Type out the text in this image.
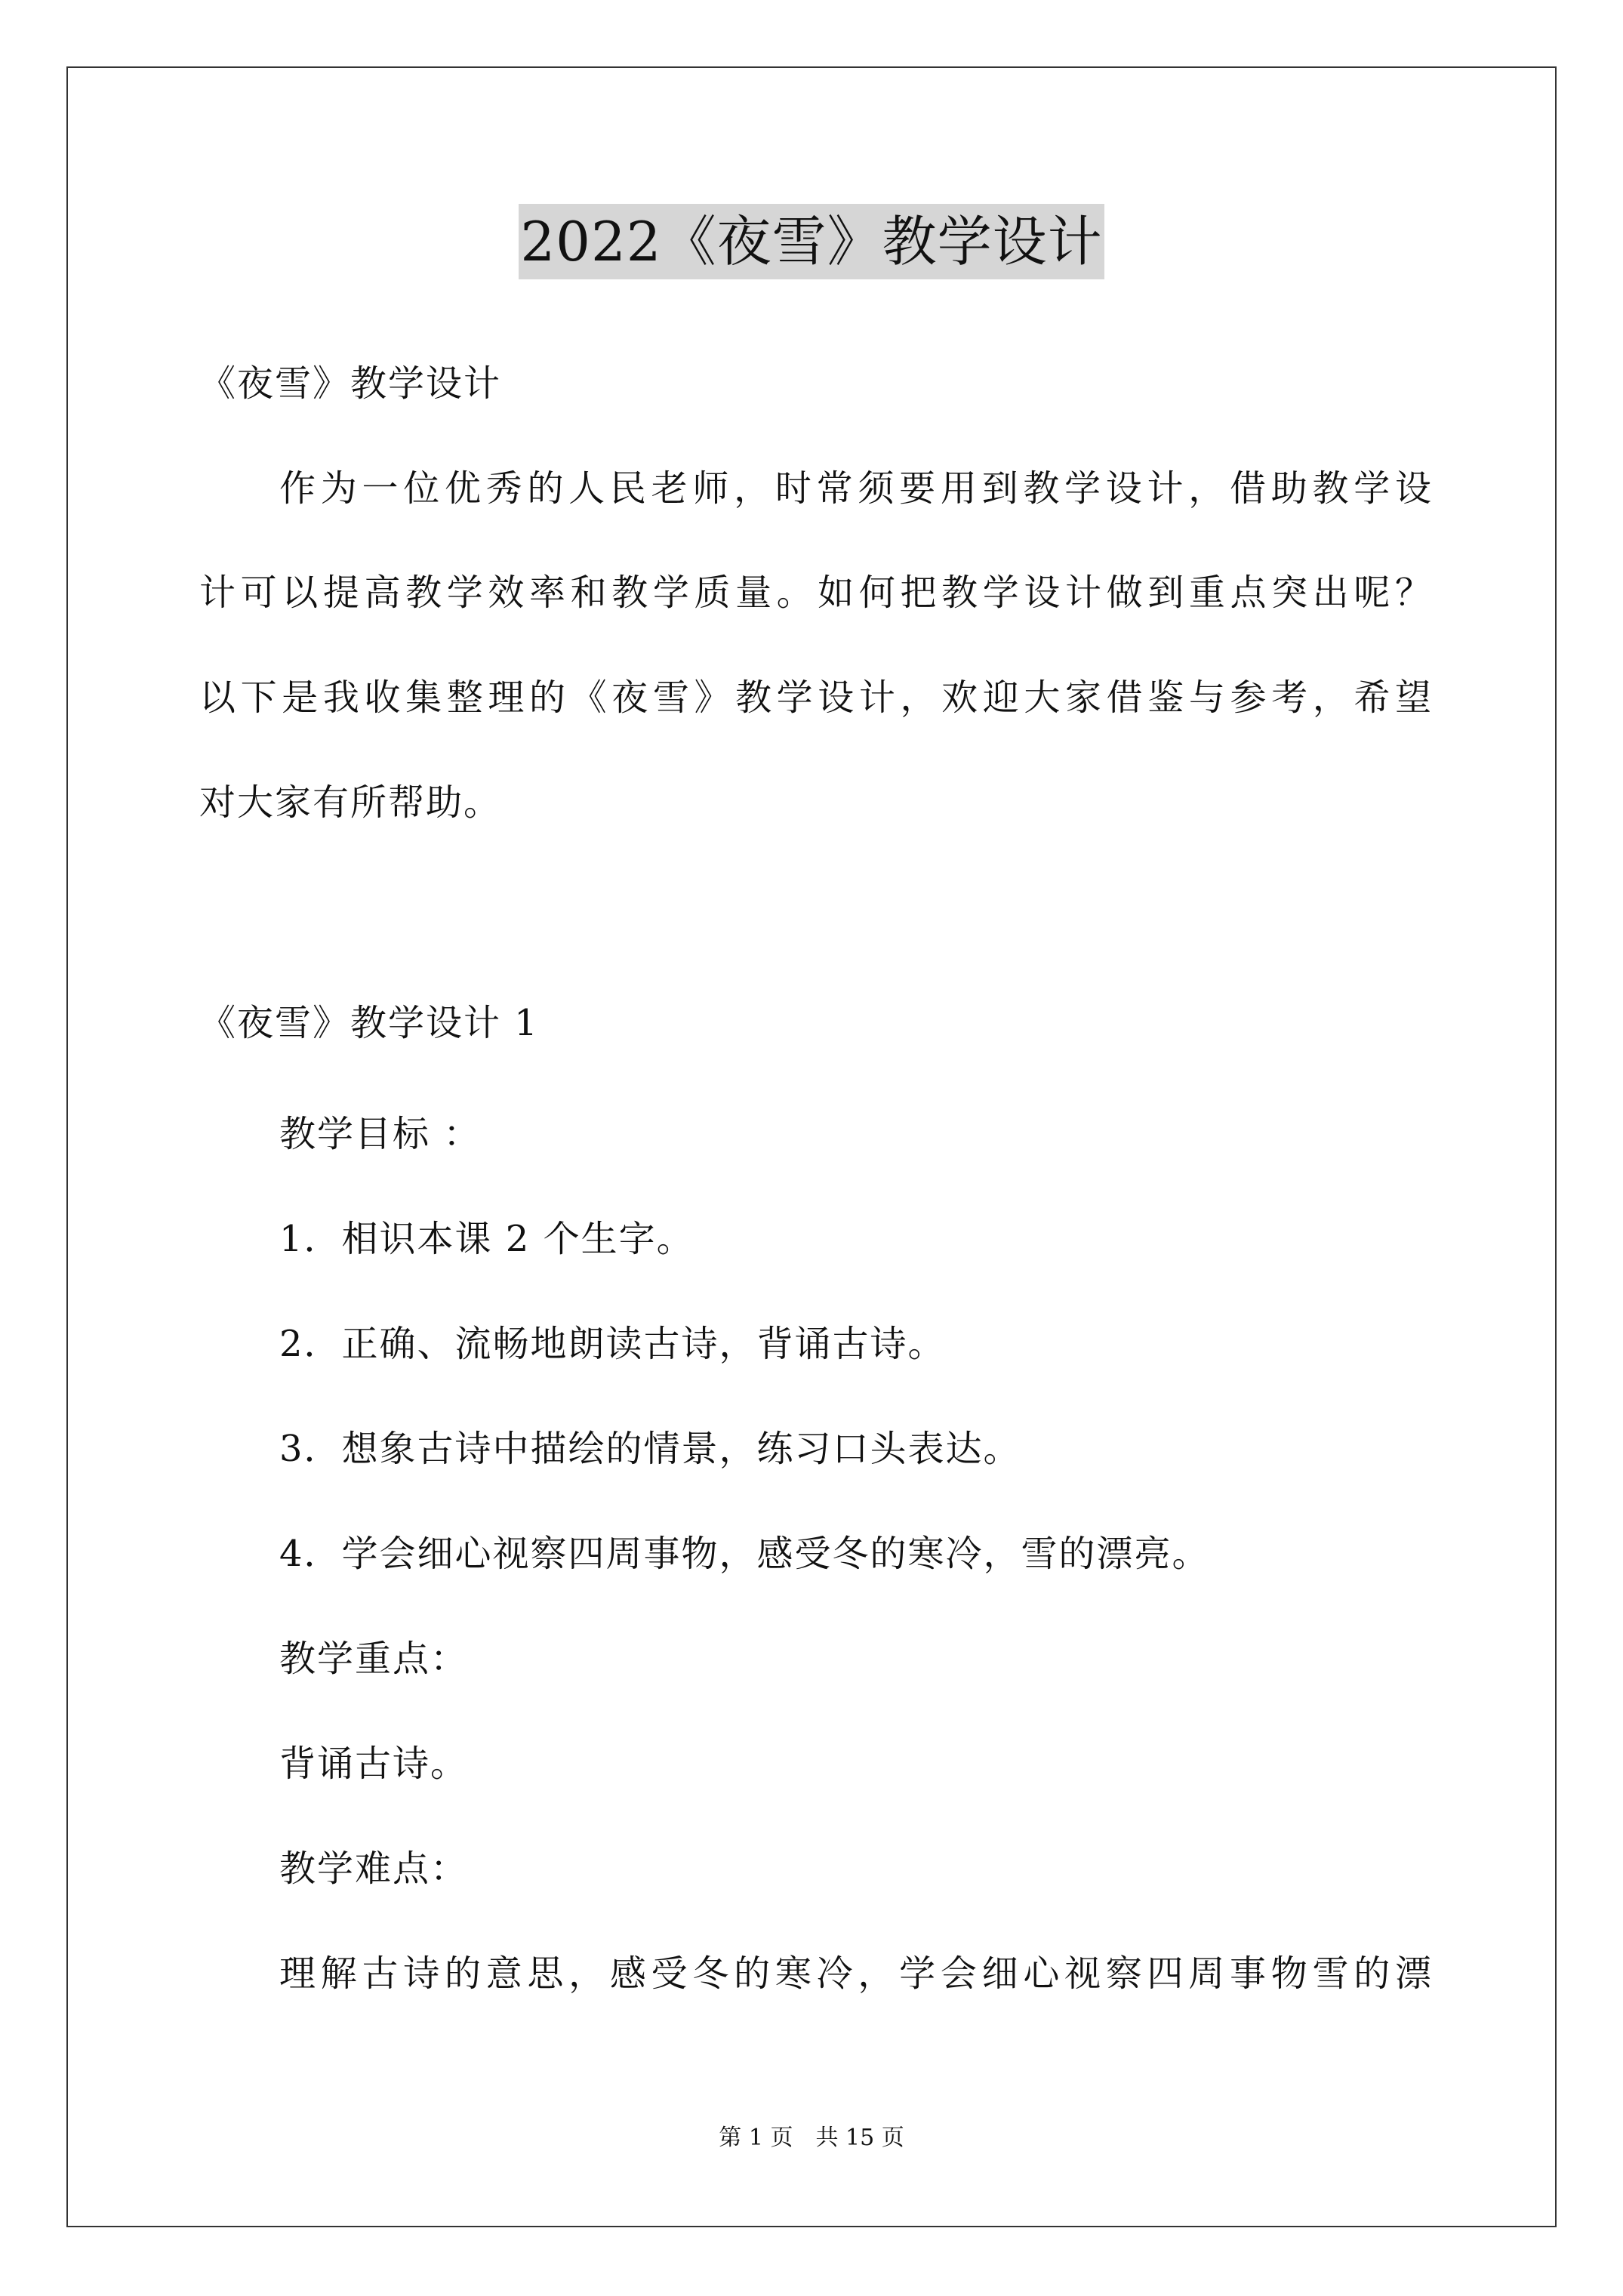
2022《夜雪》教学设计
《夜雪》教学设计
作为一位优秀的人民老师，时常须要用到教学设计，借助教学设
计可以提高教学效率和教学质量。如何把教学设计做到重点突出呢？
以下是我收集整理的《夜雪》教学设计，欢迎大家借鉴与参考，希望
对大家有所帮助。
《夜雪》教学设计 1
教学目标 ：
1．相识本课 2 个生字。
2．正确、流畅地朗读古诗，背诵古诗。
3．想象古诗中描绘的情景，练习口头表达。
4．学会细心视察四周事物，感受冬的寒冷，雪的漂亮。
教学重点：
背诵古诗。
教学难点：
理解古诗的意思，感受冬的寒冷，学会细心视察四周事物雪的漂
第 1 页　共 15 页
